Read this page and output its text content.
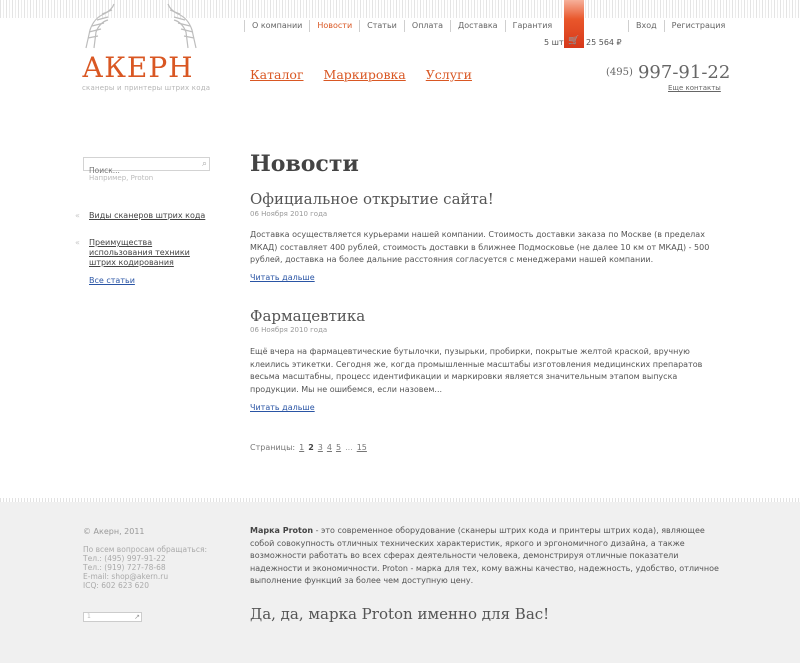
АКЕРН
сканеры и принтеры штрих кода
О компании	Новости	Статьи	Оплата	Доставка	Гарантия
5 шт 🛒 25 564 ₽
Вход	Регистрация
Каталог Маркировка Услуги	(495) 997-91-22
Еще контакты
Поиск...
⌕
Например, Proton
« Виды сканеров штрих кода
« Преимущества использования техники штрих кодирования
Все статьи
Новости
Официальное открытие сайта!
06 Ноября 2010 года
Доставка осуществляется курьерами нашей компании. Стоимость доставки заказа по Москве (в пределах МКАД) составляет 400 рублей, стоимость доставки в ближнее Подмосковье (не далее 10 км от МКАД) - 500 рублей, доставка на более дальние расстояния согласуется с менеджерами нашей компании.
Читать дальше
Фармацевтика
06 Ноября 2010 года
Ещё вчера на фармацевтические бутылочки, пузырьки, пробирки, покрытые желтой краской, вручную клеились этикетки. Сегодня же, когда промышленные масштабы изготовления медицинских препаратов весьма масштабны, процесс идентификации и маркировки является значительным этапом выпуска продукции. Мы не ошибемся, если назовем...
Читать дальше
Страницы: 1 2 3 4 5 ... 15
© Акерн, 2011
По всем вопросам обращаться:
Тел.: (495) 997-91-22
Тел.: (919) 727-78-68
E-mail: shop@akern.ru
ICQ: 602 623 620
1	↗
Марка Proton - это современное оборудование (сканеры штрих кода и принтеры штрих кода), являющее собой совокупность отличных технических характеристик, яркого и эргономичного дизайна, а также возможности работать во всех сферах деятельности человека, демонстрируя отличные показатели надежности и экономичности. Proton - марка для тех, кому важны качество, надежность, удобство, отличное выполнение функций за более чем доступную цену.
Да, да, марка Proton именно для Вас!
